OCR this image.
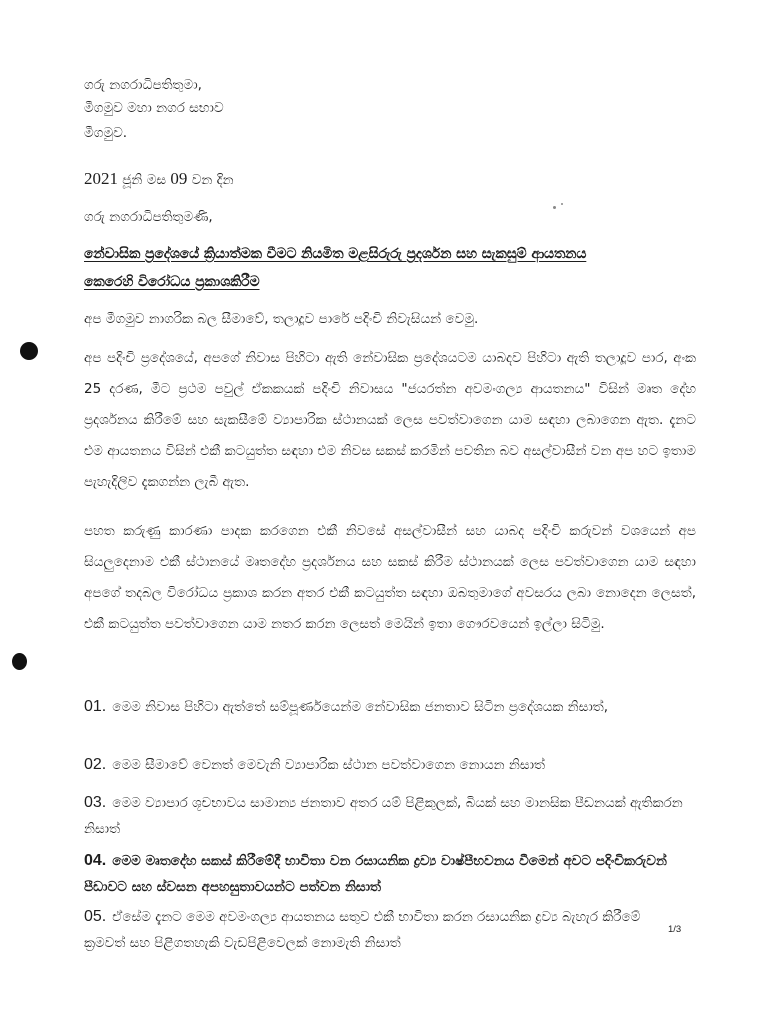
ගරු නගරාධිපතිතුමා,
මීගමුව මහා නගර සභාව
මීගමුව.
2021 ජූනි මස 09 වන දින
ගරු නගරාධිපතිතුමණි,
නේවාසික ප්‍රදේශයේ ක්‍රියාත්මක වීමට නියමිත මළසිරුරු ප්‍රදර්ශන සහ සැකසුම් ආයතනය
කෙරෙහි විරෝධය ප්‍රකාශකිරීම
අප මීගමුව නාගරික බල සීමාවේ, තලාදූව පාරේ පදිංචි නිවැසියන් වෙමු.

අප පදිංචි ප්‍රදේශයේ, අපගේ නිවාස පිහිටා ඇති නේවාසික ප්‍රදේශයටම යාබදව පිහිටා ඇති තලාදූව පාර, අංක 25 දරණ, මීට ප්‍රථම පවුල් ඒකකයක් පදිංචි නිවාසය "ජයරත්න අවමංගල්‍ය ආයතනය" විසින් මෘත දේහ ප්‍රදර්ශනය කිරීමේ සහ සැකසීමේ ව්‍යාපාරික ස්ථානයක් ලෙස පවත්වාගෙන යාම සඳහා ලබාගෙන ඇත. දැනට එම ආයතනය විසින් එකී කටයුත්ත සඳහා එම නිවස සකස් කරමින් පවතින බව අසල්වාසීන් වන අප හට ඉතාම පැහැදිලිව දැකගන්න ලැබී ඇත.

පහත කරුණු කාරණා පාදක කරගෙන එකී නිවසේ අසල්වාසීන් සහ යාබද පදිංචි කරුවන් වශයෙන් අප සියලුදෙනාම එකී ස්ථානයේ මෘතදේහ ප්‍රදර්ශනය සහ සකස් කිරීම ස්ථානයක් ලෙස පවත්වාගෙන යාම සඳහා අපගේ තදබල විරෝධය ප්‍රකාශ කරන අතර එකී කටයුත්ත සඳහා ඔබතුමාගේ අවසරය ලබා නොදෙන ලෙසත්, එකී කටයුත්ත පවත්වාගෙන යාම නතර කරන ලෙසත් මෙයින් ඉතා ගෞරවයෙන් ඉල්ලා සිටිමු.

01. මෙම නිවාස පිහිටා ඇත්තේ සම්පූර්ණයෙන්ම නේවාසික ජනතාව සිටින ප්‍රදේශයක නිසාත්,
02. මෙම සීමාවේ වෙනත් මෙවැනි ව්‍යාපාරික ස්ථාන පවත්වාගෙන නොයන නිසාත්
03. මෙම ව්‍යාපාර ශූචභාවය සාමාන්‍ය ජනතාව අතර යම් පිළිකුලක්, බියක් සහ මානසික පීඩනයක් ඇතිකරන නිසාත්
04. මෙම මෘතදේහ සකස් කිරීමේදී භාවිතා වන රසායනික ද්‍රව්‍ය වාෂ්පීභවනය වීමෙන් අවට පදිංචිකරුවන් පීඩාවට සහ ස්වසන අපහසුතාවයන්ට පත්වන නිසාත්
05. ඒසේම දැනට මෙම අවමංගල්‍ය ආයතනය සතුව එකී භාවිතා කරන රසායනික ද්‍රව්‍ය බැහැර කිරීමේ ක්‍රමවත් සහ පිළිගතහැකි වැඩපිළිවෙලක් නොමැති නිසාත්
1/3
